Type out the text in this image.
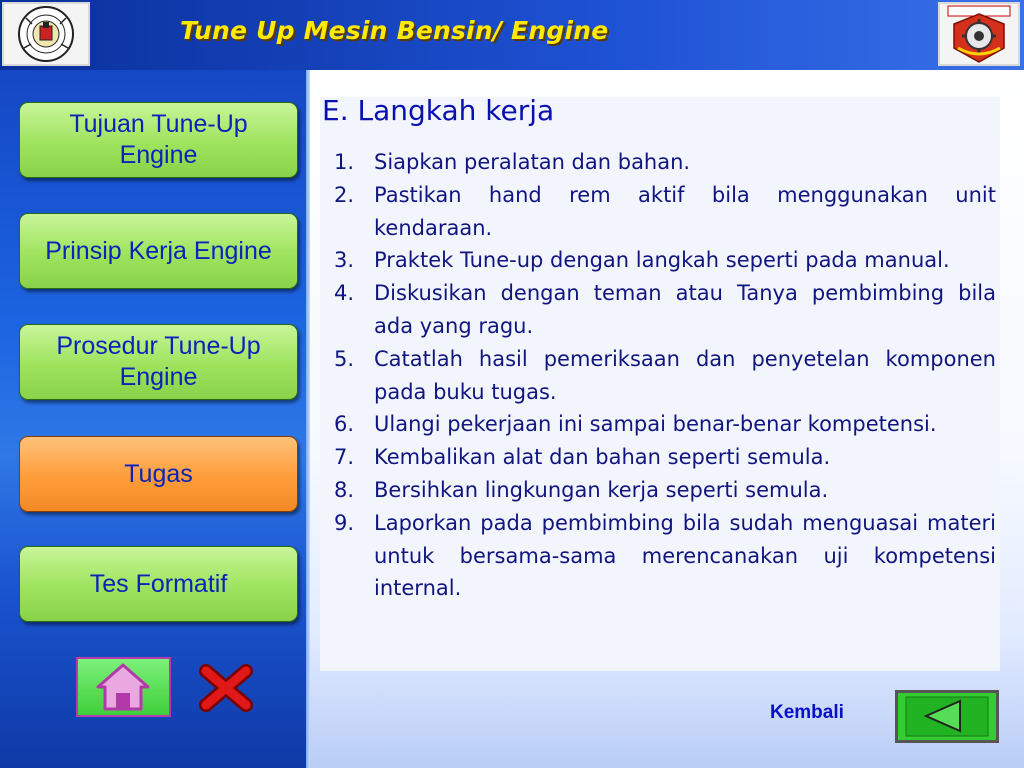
Tune Up Mesin Bensin/ Engine
Tujuan Tune-Up Engine
Prinsip Kerja Engine
Prosedur Tune-Up Engine
Tugas
Tes Formatif
E. Langkah kerja
1. Siapkan peralatan dan bahan.
2. Pastikan hand rem aktif bila menggunakan unit kendaraan.
3. Praktek Tune-up dengan langkah seperti pada manual.
4. Diskusikan dengan teman atau Tanya pembimbing bila ada yang ragu.
5. Catatlah hasil pemeriksaan dan penyetelan komponen pada buku tugas.
6. Ulangi pekerjaan ini sampai benar-benar kompetensi.
7. Kembalikan alat dan bahan seperti semula.
8. Bersihkan lingkungan kerja seperti semula.
9. Laporkan pada pembimbing bila sudah menguasai materi untuk bersama-sama merencanakan uji kompetensi internal.
Kembali
